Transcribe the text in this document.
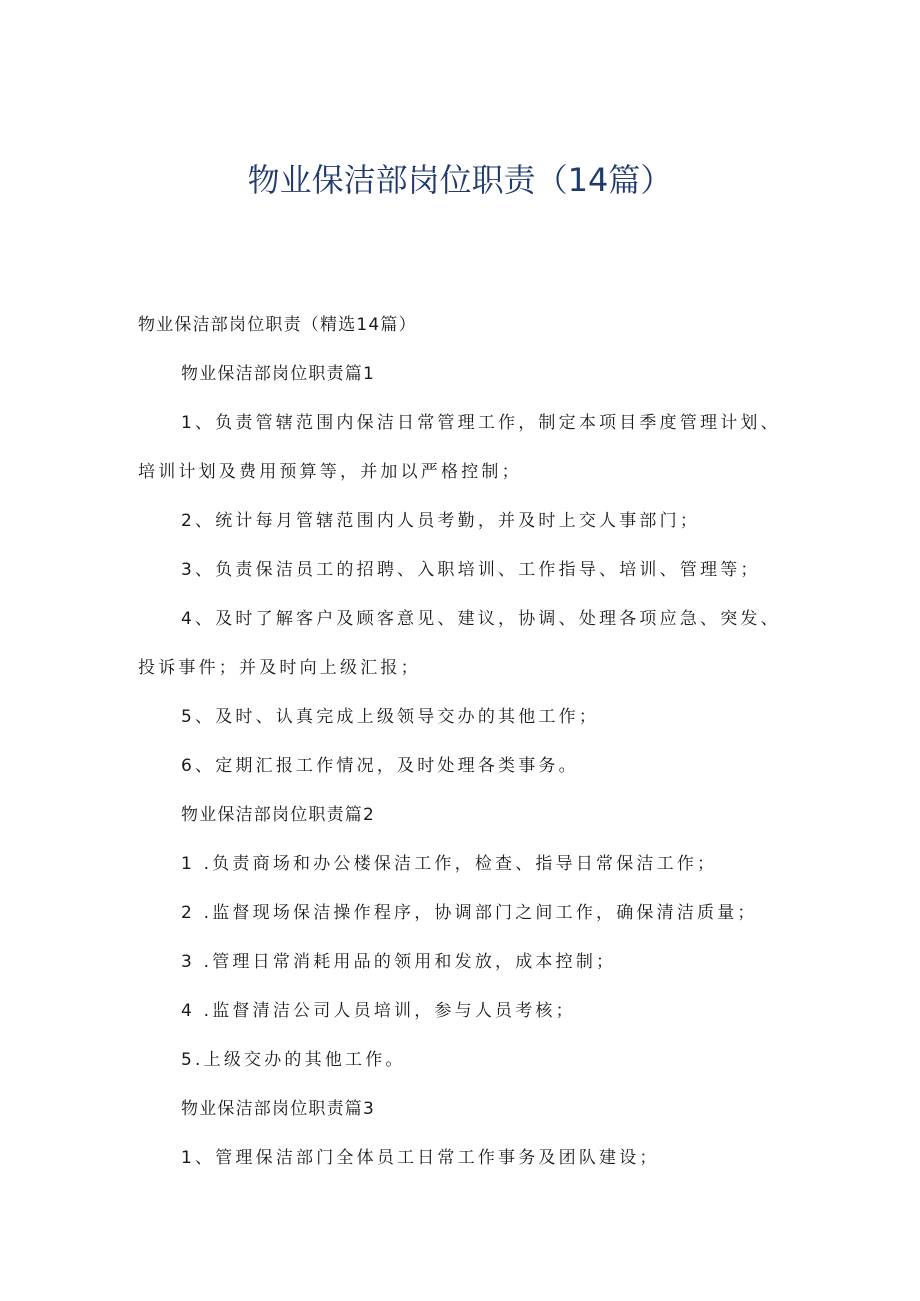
物业保洁部岗位职责（14篇）
物业保洁部岗位职责（精选14篇）
物业保洁部岗位职责篇1
1、负责管辖范围内保洁日常管理工作，制定本项目季度管理计划、
培训计划及费用预算等，并加以严格控制；
2、统计每月管辖范围内人员考勤，并及时上交人事部门；
3、负责保洁员工的招聘、入职培训、工作指导、培训、管理等；
4、及时了解客户及顾客意见、建议，协调、处理各项应急、突发、
投诉事件；并及时向上级汇报；
5、及时、认真完成上级领导交办的其他工作；
6、定期汇报工作情况，及时处理各类事务。
物业保洁部岗位职责篇2
1 .负责商场和办公楼保洁工作，检查、指导日常保洁工作；
2 .监督现场保洁操作程序，协调部门之间工作，确保清洁质量；
3 .管理日常消耗用品的领用和发放，成本控制；
4 .监督清洁公司人员培训，参与人员考核；
5.上级交办的其他工作。
物业保洁部岗位职责篇3
1、管理保洁部门全体员工日常工作事务及团队建设；
